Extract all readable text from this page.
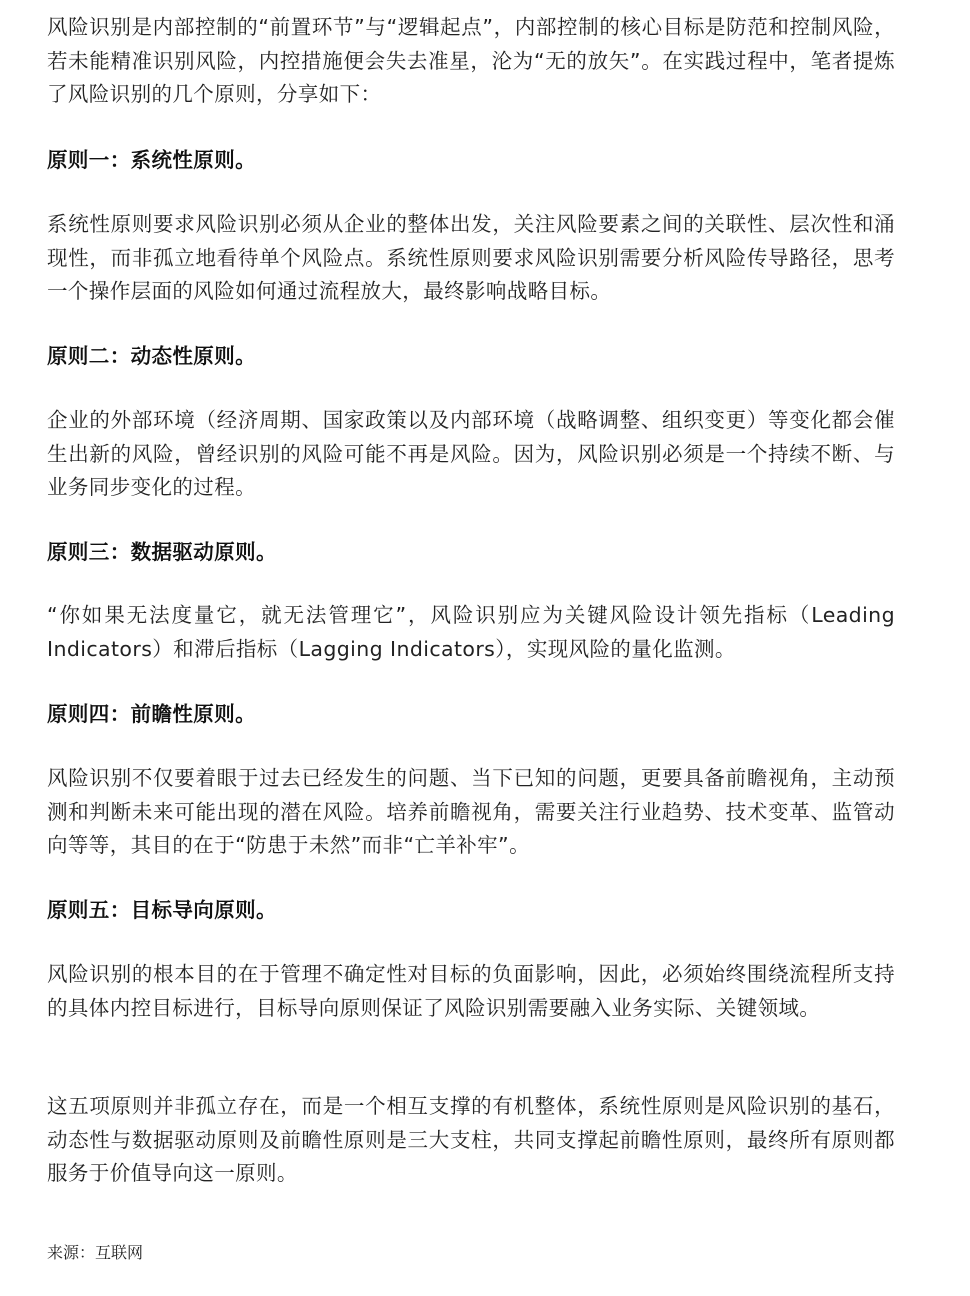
风险识别是内部控制的“前置环节”与“逻辑起点”，内部控制的核心目标是防范和控制风险，若未能精准识别风险，内控措施便会失去准星，沦为“无的放矢”。在实践过程中，笔者提炼了风险识别的几个原则，分享如下：

原则一：系统性原则。

系统性原则要求风险识别必须从企业的整体出发，关注风险要素之间的关联性、层次性和涌现性，而非孤立地看待单个风险点。系统性原则要求风险识别需要分析风险传导路径，思考一个操作层面的风险如何通过流程放大，最终影响战略目标。

原则二：动态性原则。

企业的外部环境（经济周期、国家政策以及内部环境（战略调整、组织变更）等变化都会催生出新的风险，曾经识别的风险可能不再是风险。因为，风险识别必须是一个持续不断、与业务同步变化的过程。

原则三：数据驱动原则。

“你如果无法度量它，就无法管理它”，风险识别应为关键风险设计领先指标（Leading Indicators）和滞后指标（Lagging Indicators），实现风险的量化监测。

原则四：前瞻性原则。

风险识别不仅要着眼于过去已经发生的问题、当下已知的问题，更要具备前瞻视角，主动预测和判断未来可能出现的潜在风险。培养前瞻视角，需要关注行业趋势、技术变革、监管动向等等，其目的在于“防患于未然”而非“亡羊补牢”。

原则五：目标导向原则。

风险识别的根本目的在于管理不确定性对目标的负面影响，因此，必须始终围绕流程所支持的具体内控目标进行，目标导向原则保证了风险识别需要融入业务实际、关键领域。

这五项原则并非孤立存在，而是一个相互支撑的有机整体，系统性原则是风险识别的基石，动态性与数据驱动原则及前瞻性原则是三大支柱，共同支撑起前瞻性原则，最终所有原则都服务于价值导向这一原则。

来源：互联网
